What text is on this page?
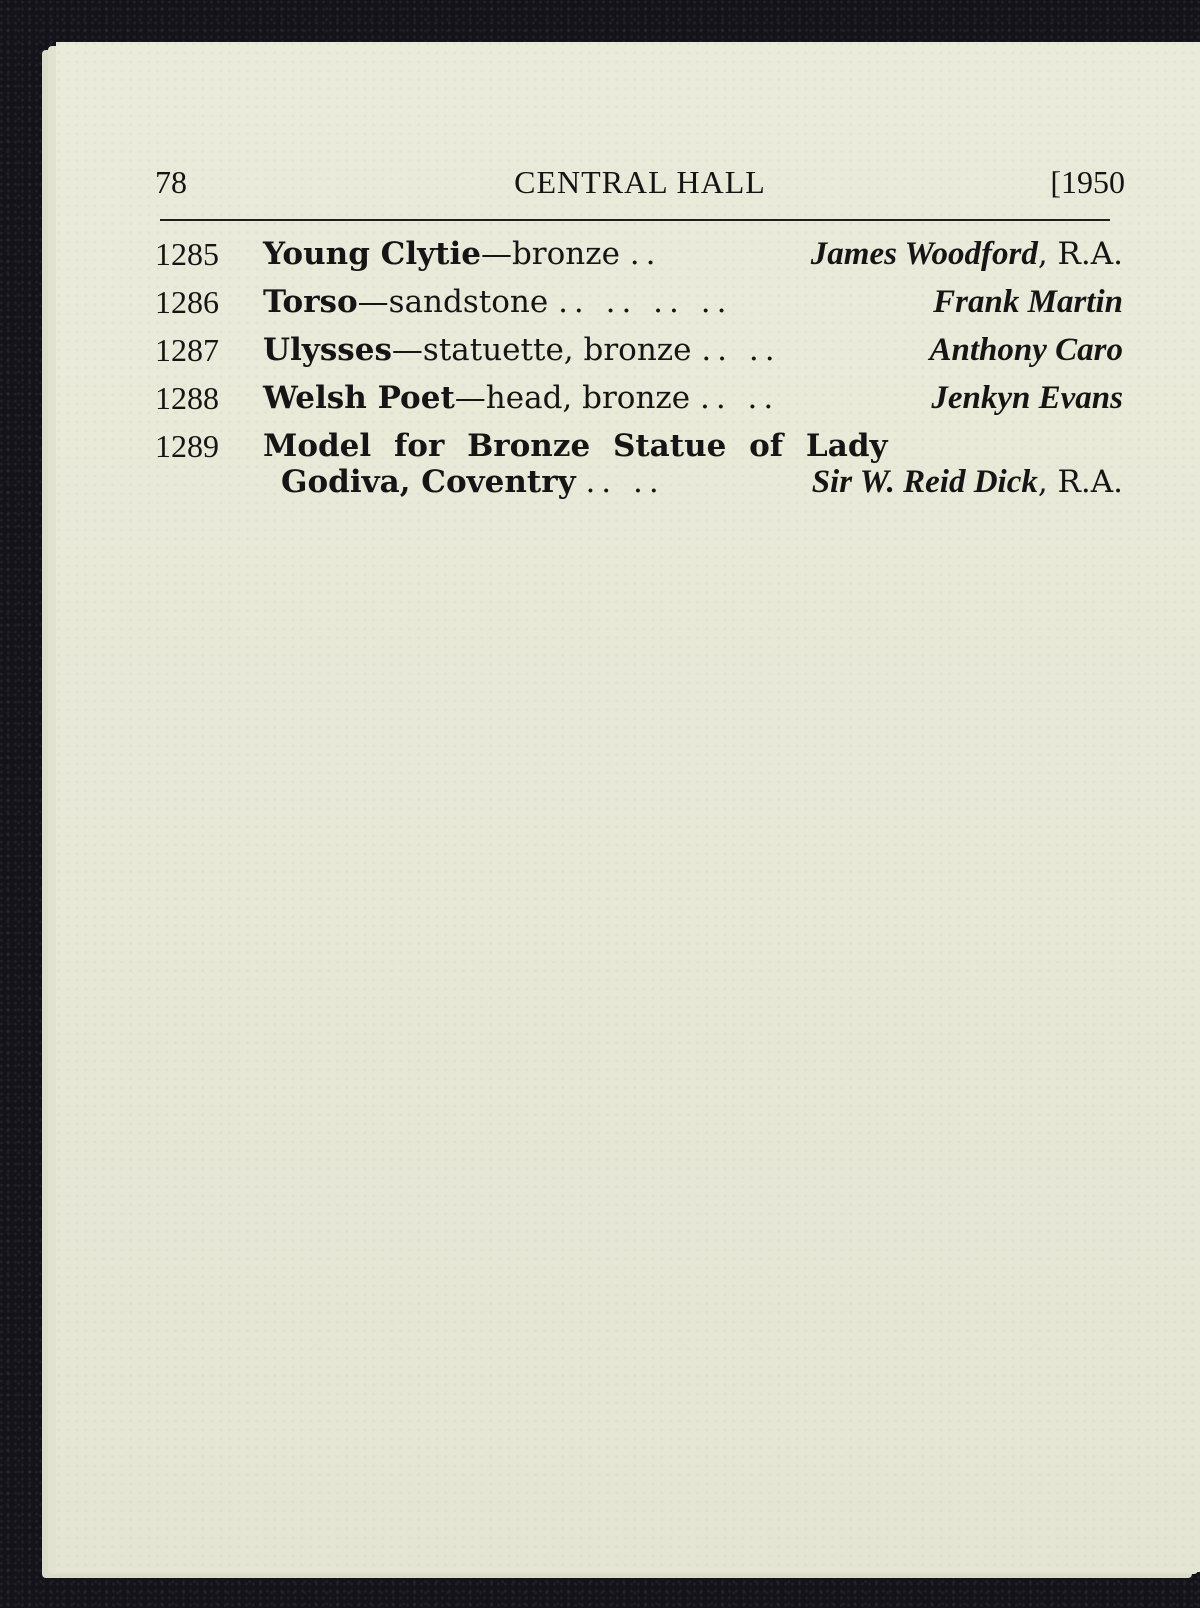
78	CENTRAL HALL	[1950
1285 Young Clytie—bronze ..	James Woodford, R.A.
1286 Torso—sandstone .. .. .. ..	Frank Martin
1287 Ulysses—statuette, bronze .. ..	Anthony Caro
1288 Welsh Poet—head, bronze .. ..	Jenkyn Evans
1289 Model for Bronze Statue of Lady
Godiva, Coventry .. ..	Sir W. Reid Dick, R.A.
